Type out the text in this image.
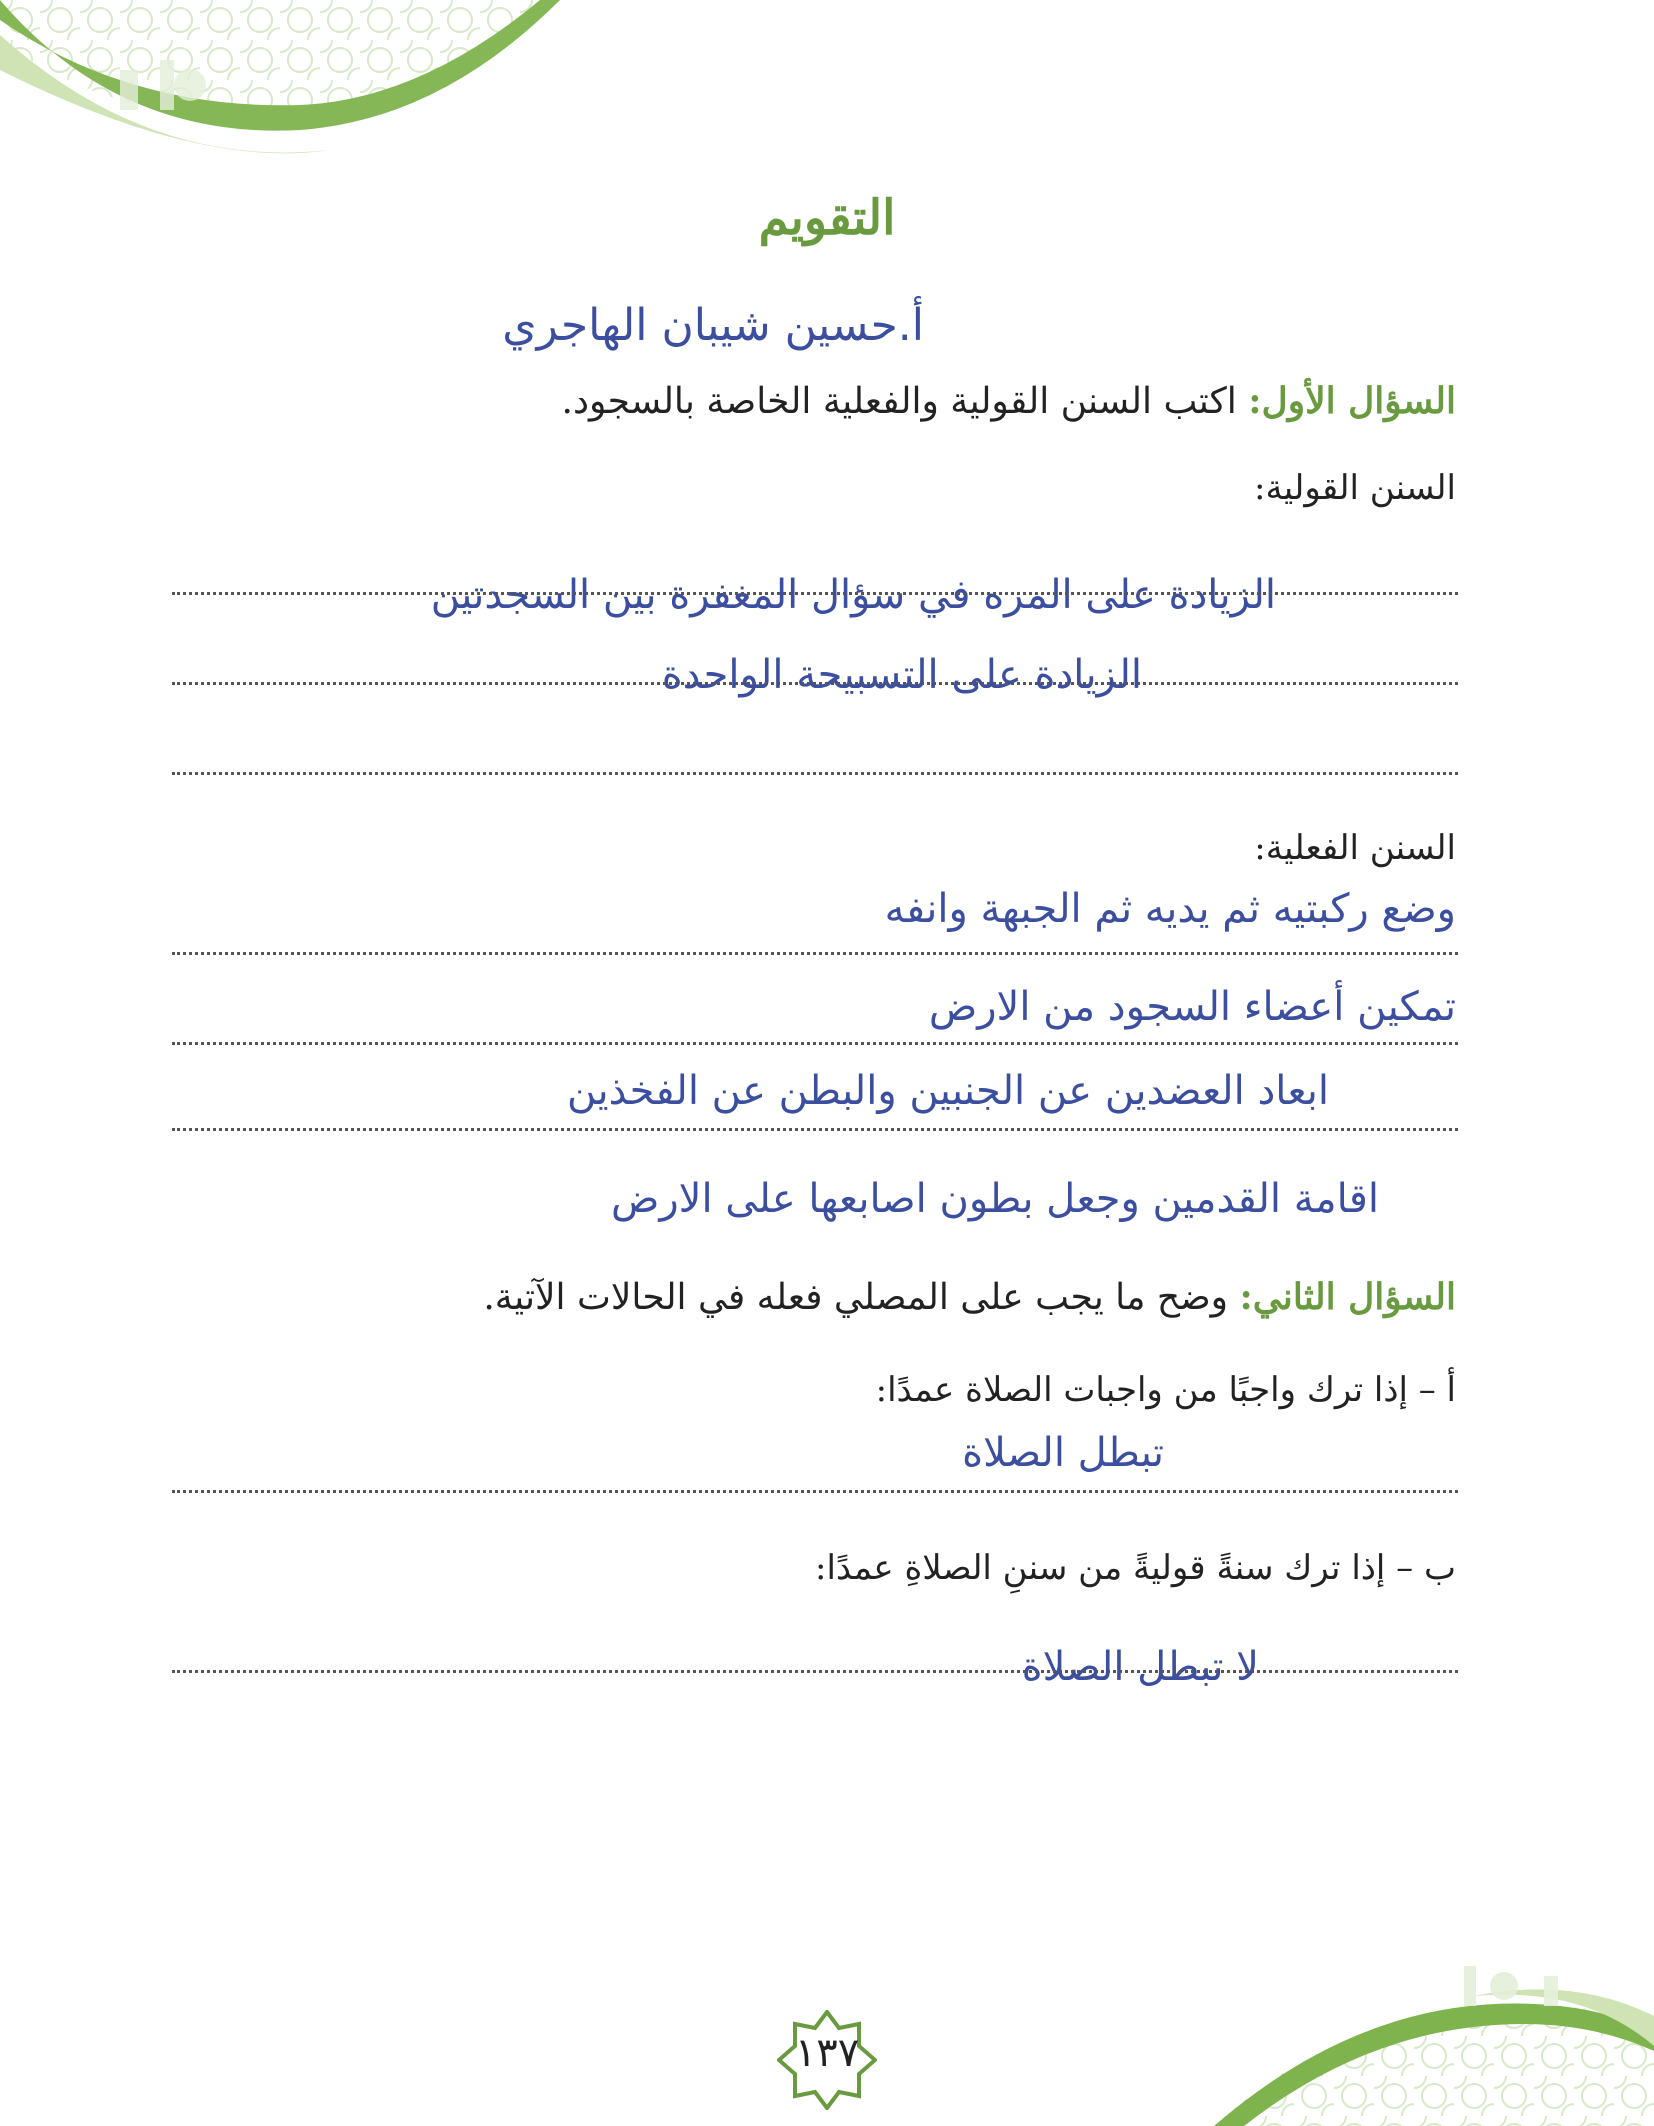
التقويم
أ.حسين شيبان الهاجري
السؤال الأول: اكتب السنن القولية والفعلية الخاصة بالسجود.
السنن القولية:
الزيادة على المره في سؤال المغفرة بين السجدتين
الزيادة على التسبيحة الواحدة
السنن الفعلية:
وضع ركبتيه ثم يديه ثم الجبهة وانفه
تمكين أعضاء السجود من الارض
ابعاد العضدين عن الجنبين والبطن عن الفخذين
اقامة القدمين وجعل بطون اصابعها على الارض
السؤال الثاني: وضح ما يجب على المصلي فعله في الحالات الآتية.
أ – إذا ترك واجبًا من واجبات الصلاة عمدًا:
تبطل الصلاة
ب – إذا ترك سنةً قوليةً من سننِ الصلاةِ عمدًا:
لا تبطل الصلاة
١٣٧
